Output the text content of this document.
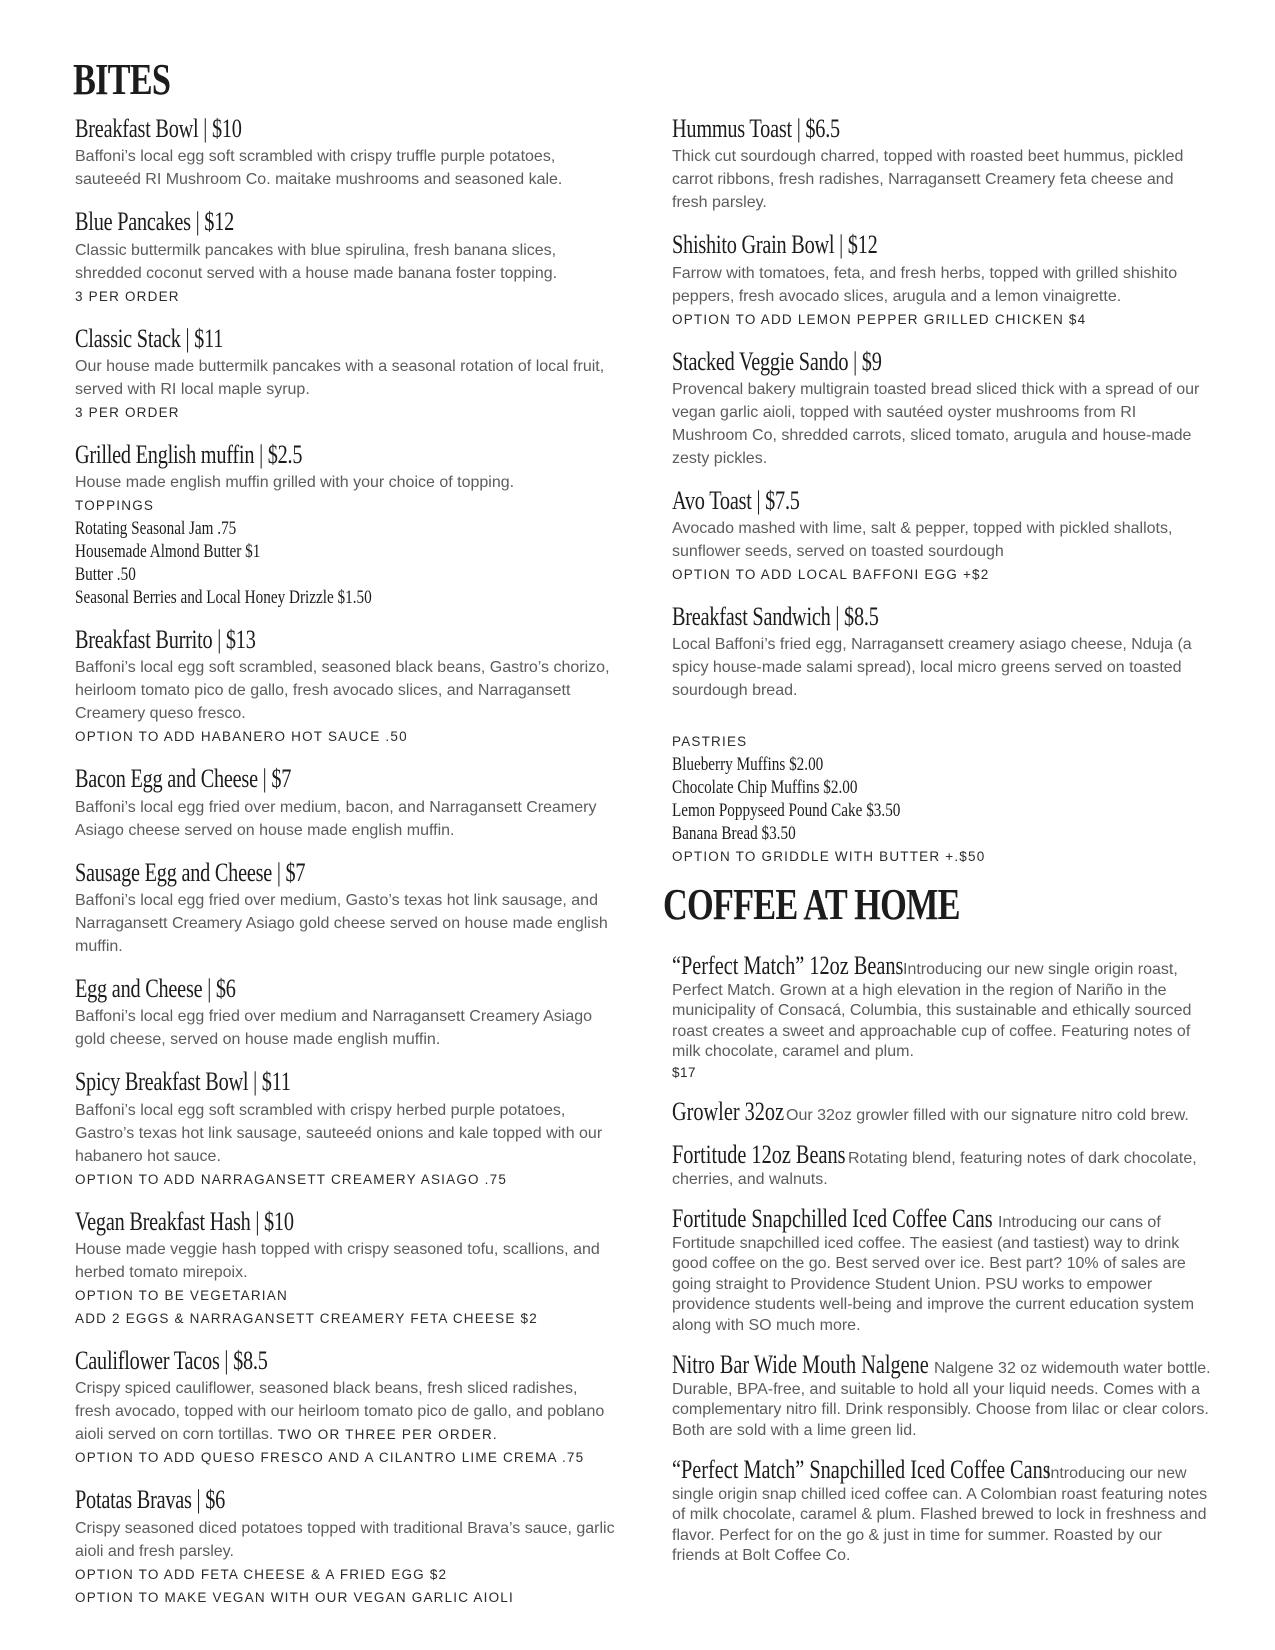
BITES
COFFEE AT HOME

Breakfast Bowl | $10

Baffoni’s local egg soft scrambled with crispy truffle purple potatoes, sauteeéd RI Mushroom Co. maitake mushrooms and seasoned kale.

Blue Pancakes | $12

Classic buttermilk pancakes with blue spirulina, fresh banana slices, shredded coconut served with a house made banana foster topping.

3 PER ORDER

Classic Stack | $11

Our house made buttermilk pancakes with a seasonal rotation of local fruit, served with RI local maple syrup.

3 PER ORDER

Grilled English muffin | $2.5

House made english muffin grilled with your choice of topping.

TOPPINGS

Rotating Seasonal Jam .75

Housemade Almond Butter $1

Butter .50

Seasonal Berries and Local Honey Drizzle $1.50

Breakfast Burrito | $13

Baffoni’s local egg soft scrambled, seasoned black beans, Gastro’s chorizo, heirloom tomato pico de gallo, fresh avocado slices, and Narragansett Creamery queso fresco.

OPTION TO ADD HABANERO HOT SAUCE .50

Bacon Egg and Cheese | $7

Baffoni’s local egg fried over medium, bacon, and Narragansett Creamery Asiago cheese served on house made english muffin.

Sausage Egg and Cheese | $7

Baffoni’s local egg fried over medium, Gasto’s texas hot link sausage, and Narragansett Creamery Asiago gold cheese served on house made english muffin.

Egg and Cheese | $6

Baffoni’s local egg fried over medium and Narragansett Creamery Asiago gold cheese, served on house made english muffin.

Spicy Breakfast Bowl | $11

Baffoni’s local egg soft scrambled with crispy herbed purple potatoes, Gastro’s texas hot link sausage, sauteeéd onions and kale topped with our habanero hot sauce.

OPTION TO ADD NARRAGANSETT CREAMERY ASIAGO .75

Vegan Breakfast Hash | $10

House made veggie hash topped with crispy seasoned tofu, scallions, and herbed tomato mirepoix.

OPTION TO BE VEGETARIAN

ADD 2 EGGS & NARRAGANSETT CREAMERY FETA CHEESE $2

Cauliflower Tacos | $8.5

Crispy spiced cauliflower, seasoned black beans, fresh sliced radishes, fresh avocado, topped with our heirloom tomato pico de gallo, and poblano aioli served on corn tortillas. TWO OR THREE PER ORDER.

OPTION TO ADD QUESO FRESCO AND A CILANTRO LIME CREMA .75

Potatas Bravas | $6

Crispy seasoned diced potatoes topped with traditional Brava’s sauce, garlic aioli and fresh parsley.

OPTION TO ADD FETA CHEESE & A FRIED EGG $2

OPTION TO MAKE VEGAN WITH OUR VEGAN GARLIC AIOLI

Hummus Toast | $6.5

Thick cut sourdough charred, topped with roasted beet hummus, pickled carrot ribbons, fresh radishes, Narragansett Creamery feta cheese and fresh parsley.

Shishito Grain Bowl | $12

Farrow with tomatoes, feta, and fresh herbs, topped with grilled shishito peppers, fresh avocado slices, arugula and a lemon vinaigrette.

OPTION TO ADD LEMON PEPPER GRILLED CHICKEN $4

Stacked Veggie Sando | $9

Provencal bakery multigrain toasted bread sliced thick with a spread of our vegan garlic aioli, topped with sautéed oyster mushrooms from RI Mushroom Co, shredded carrots, sliced tomato, arugula and house-made zesty pickles.

Avo Toast | $7.5

Avocado mashed with lime, salt & pepper, topped with pickled shallots, sunflower seeds, served on toasted sourdough

OPTION TO ADD LOCAL BAFFONI EGG +$2

Breakfast Sandwich | $8.5

Local Baffoni’s fried egg, Narragansett creamery asiago cheese, Nduja (a spicy house-made salami spread), local micro greens served on toasted sourdough bread.

PASTRIES

Blueberry Muffins $2.00

Chocolate Chip Muffins $2.00

Lemon Poppyseed Pound Cake $3.50

Banana Bread $3.50

OPTION TO GRIDDLE WITH BUTTER +.$50

“Perfect Match” 12oz BeansIntroducing our new single origin roast, Perfect Match. Grown at a high elevation in the region of Nariño in the municipality of Consacá, Columbia, this sustainable and ethically sourced roast creates a sweet and approachable cup of coffee. Featuring notes of milk chocolate, caramel and plum.

$17

Growler 32oz Our 32oz growler filled with our signature nitro cold brew.

Fortitude 12oz Beans Rotating blend, featuring notes of dark chocolate, cherries, and walnuts.

Fortitude Snapchilled Iced Coffee Cans Introducing our cans of Fortitude snapchilled iced coffee. The easiest (and tastiest) way to drink good coffee on the go. Best served over ice. Best part? 10% of sales are going straight to Providence Student Union. PSU works to empower providence students well-being and improve the current education system along with SO much more.

Nitro Bar Wide Mouth Nalgene Nalgene 32 oz widemouth water bottle. Durable, BPA-free, and suitable to hold all your liquid needs. Comes with a complementary nitro fill. Drink responsibly. Choose from lilac or clear colors. Both are sold with a lime green lid.

“Perfect Match” Snapchilled Iced Coffee CansIntroducing our new single origin snap chilled iced coffee can. A Colombian roast featuring notes of milk chocolate, caramel & plum. Flashed brewed to lock in freshness and flavor. Perfect for on the go & just in time for summer. Roasted by our friends at Bolt Coffee Co.
